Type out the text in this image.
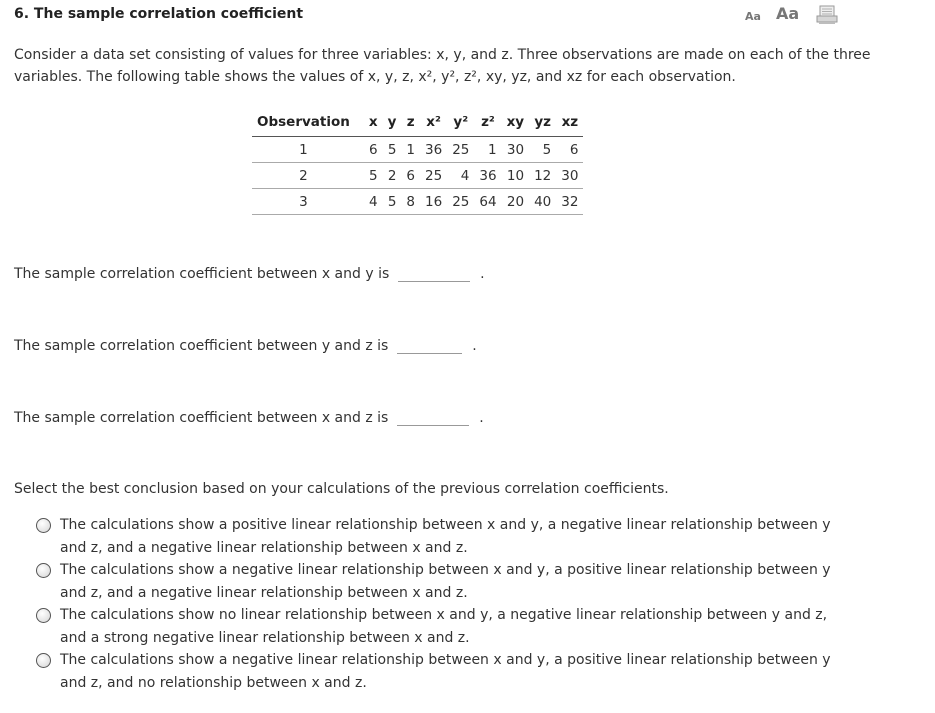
6. The sample correlation coefficient	Aa Aa
Consider a data set consisting of values for three variables: x, y, and z. Three observations are made on each of the three variables. The following table shows the values of x, y, z, x², y², z², xy, yz, and xz for each observation.
Observation	x	y	z	x²	y²	z²	xy	yz	xz
1	6	5	1	36	25	1	30	5	6
2	5	2	6	25	4	36	10	12	30
3	4	5	8	16	25	64	20	40	32
The sample correlation coefficient between x and y is	.
The sample correlation coefficient between y and z is	.
The sample correlation coefficient between x and z is	.
Select the best conclusion based on your calculations of the previous correlation coefficients.
The calculations show a positive linear relationship between x and y, a negative linear relationship between y and z, and a negative linear relationship between x and z.
The calculations show a negative linear relationship between x and y, a positive linear relationship between y and z, and a negative linear relationship between x and z.
The calculations show no linear relationship between x and y, a negative linear relationship between y and z, and a strong negative linear relationship between x and z.
The calculations show a negative linear relationship between x and y, a positive linear relationship between y and z, and no relationship between x and z.
